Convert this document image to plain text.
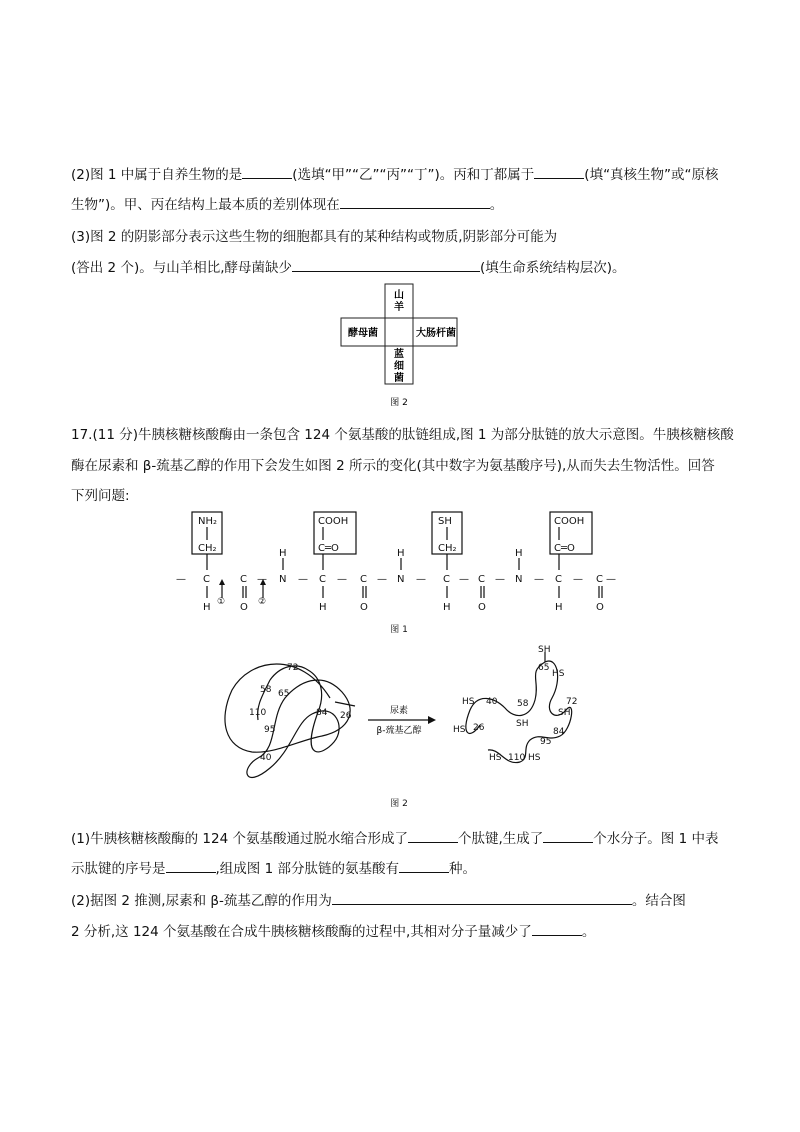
(2)图 1 中属于自养生物的是	(选填“甲”“乙”“丙”“丁”)。丙和丁都属于	(填“真核生物”或“原核
生物”)。甲、丙在结构上最本质的差别体现在	。
(3)图 2 的阴影部分表示这些生物的细胞都具有的某种结构或物质,阴影部分可能为
(答出 2 个)。与山羊相比,酵母菌缺少	(填生命系统结构层次)。
山
羊
酵母菌	大肠杆菌
蓝
细
菌
图 2
17.(11 分)牛胰核糖核酸酶由一条包含 124 个氨基酸的肽链组成,图 1 为部分肽链的放大示意图。牛胰核糖核酸
酶在尿素和 β-巯基乙醇的作用下会发生如图 2 所示的变化(其中数字为氨基酸序号),从而失去生物活性。回答
下列问题:
NH₂
CH₂
COOH
C═O
SH
CH₂
COOH
C═O
H	H	H
— C	C — N — C — C — N — C — C — N — C — C —
H	O	H	O	H	O	H	O
①	②
图 1
72
58 65
110	84 26
95
40
尿素
β-巯基乙醇
SH
65
HS
72
HS 40 58
SH
SH
HS 26	84
95
HS 110 HS
图 2
(1)牛胰核糖核酸酶的 124 个氨基酸通过脱水缩合形成了	个肽键,生成了	个水分子。图 1 中表
示肽键的序号是	,组成图 1 部分肽链的氨基酸有	种。
(2)据图 2 推测,尿素和 β-巯基乙醇的作用为	。结合图
2 分析,这 124 个氨基酸在合成牛胰核糖核酸酶的过程中,其相对分子量减少了	。
